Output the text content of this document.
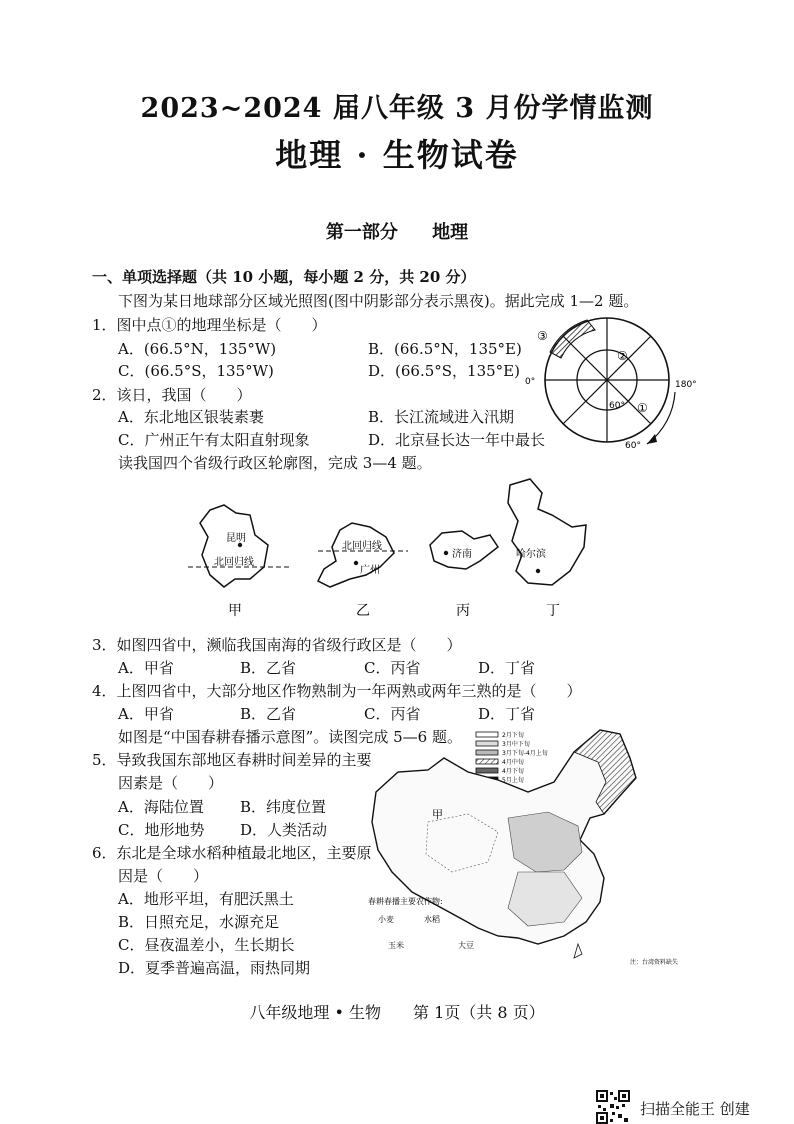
2023~2024 届八年级 3 月份学情监测
地理 · 生物试卷
第一部分 地理
一、单项选择题（共 10 小题，每小题 2 分，共 20 分）
下图为某日地球部分区域光照图(图中阴影部分表示黑夜)。据此完成 1—2 题。
1．图中点①的地理坐标是（　　）
A．(66.5°N，135°W)	B．(66.5°N，135°E)
C．(66.5°S，135°W)	D．(66.5°S，135°E)
2．该日，我国（　　）
A．东北地区银装素裹	B．长江流域进入汛期
C．广州正午有太阳直射现象	D．北京昼长达一年中最长
读我国四个省级行政区轮廓图，完成 3—4 题。
③
②
①
0°	180°
60°
60°
昆明
北回归线
甲
北回归线
广州
乙
济南
丙
哈尔滨
丁
3．如图四省中，濒临我国南海的省级行政区是（　　）
A．甲省	B．乙省	C．丙省	D．丁省
4．上图四省中，大部分地区作物熟制为一年两熟或两年三熟的是（　　）
A．甲省	B．乙省	C．丙省	D．丁省
如图是“中国春耕春播示意图”。读图完成 5—6 题。
5．导致我国东部地区春耕时间差异的主要
因素是（　　）
A．海陆位置 B．纬度位置
C．地形地势 D．人类活动
6．东北是全球水稻种植最北地区，主要原
因是（　　）
A．地形平坦，有肥沃黑土
B．日照充足，水源充足
C．昼夜温差小，生长期长
D．夏季普遍高温，雨热同期
2月下旬
3月中下旬
3月下旬-4月上旬
4月中旬
4月下旬
5月上旬
甲
春耕春播主要农作物:
小麦	水稻
玉米	大豆
注：台湾资料缺失
八年级地理 • 生物　　第 1页（共 8 页）
扫描全能王 创建
